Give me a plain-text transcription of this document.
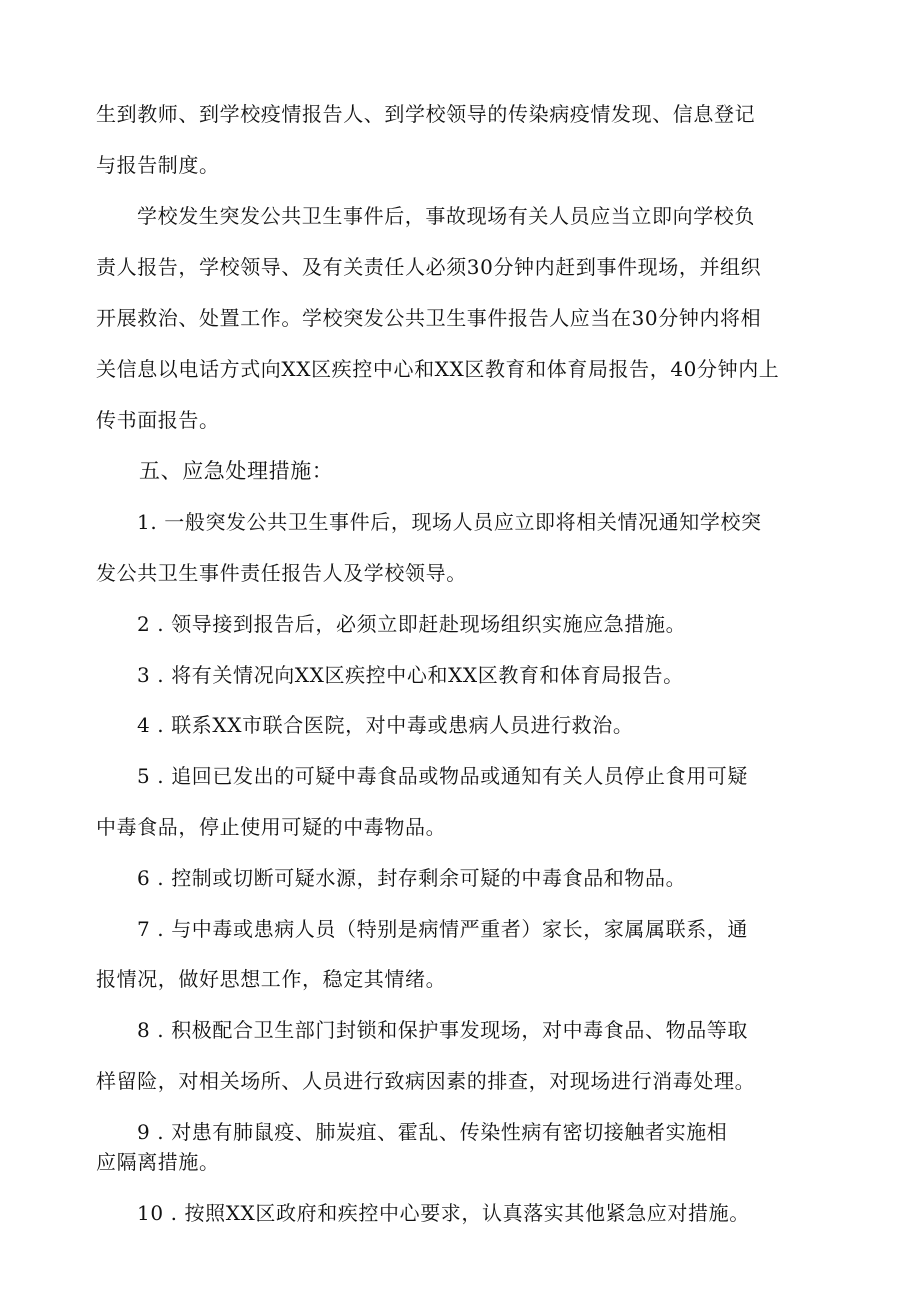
生到教师、到学校疫情报告人、到学校领导的传染病疫情发现、信息登记
与报告制度。
学校发生突发公共卫生事件后，事故现场有关人员应当立即向学校负
责人报告，学校领导、及有关责任人必须30分钟内赶到事件现场，并组织
开展救治、处置工作。学校突发公共卫生事件报告人应当在30分钟内将相
关信息以电话方式向XX区疾控中心和XX区教育和体育局报告，40分钟内上
传书面报告。
五、应急处理措施：
1. 一般突发公共卫生事件后，现场人员应立即将相关情况通知学校突
发公共卫生事件责任报告人及学校领导。
2 . 领导接到报告后，必须立即赶赴现场组织实施应急措施。
3 . 将有关情况向XX区疾控中心和XX区教育和体育局报告。
4 . 联系XX市联合医院，对中毒或患病人员进行救治。
5 . 追回已发出的可疑中毒食品或物品或通知有关人员停止食用可疑
中毒食品，停止使用可疑的中毒物品。
6 . 控制或切断可疑水源，封存剩余可疑的中毒食品和物品。
7 . 与中毒或患病人员（特别是病情严重者）家长，家属属联系，通
报情况，做好思想工作，稳定其情绪。
8 . 积极配合卫生部门封锁和保护事发现场，对中毒食品、物品等取
样留险，对相关场所、人员进行致病因素的排查，对现场进行消毒处理。
9 . 对患有肺鼠疫、肺炭疽、霍乱、传染性病有密切接触者实施相
应隔离措施。
10 . 按照XX区政府和疾控中心要求，认真落实其他紧急应对措施。
